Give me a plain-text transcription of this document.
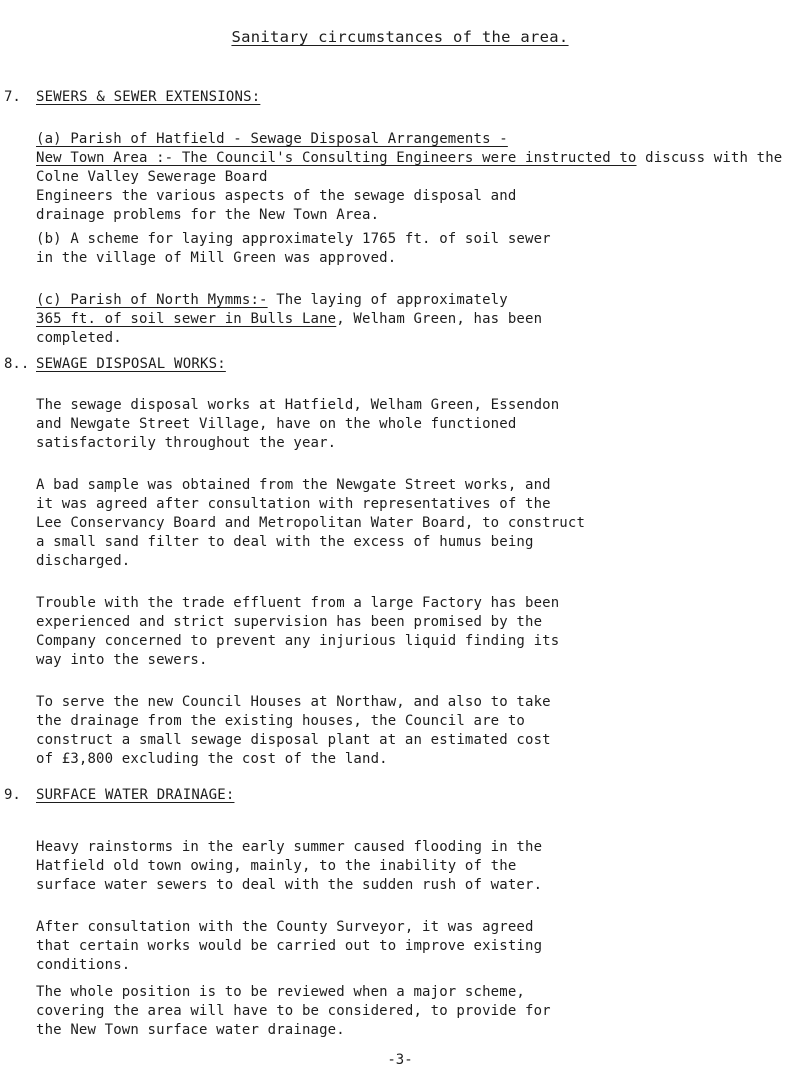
Sanitary circumstances of the area.
7. SEWERS & SEWER EXTENSIONS:
(a) Parish of Hatfield - Sewage Disposal Arrangements -
New Town Area :- The Council's Consulting Engineers were instructed to discuss with the Colne Valley Sewerage Board
Engineers the various aspects of the sewage disposal and
drainage problems for the New Town Area.
(b) A scheme for laying approximately 1765 ft. of soil sewer
in the village of Mill Green was approved.
(c) Parish of North Mymms:- The laying of approximately
365 ft. of soil sewer in Bulls Lane, Welham Green, has been
completed.
8.. SEWAGE DISPOSAL WORKS:
The sewage disposal works at Hatfield, Welham Green, Essendon
and Newgate Street Village, have on the whole functioned
satisfactorily throughout the year.
A bad sample was obtained from the Newgate Street works, and
it was agreed after consultation with representatives of the
Lee Conservancy Board and Metropolitan Water Board, to construct
a small sand filter to deal with the excess of humus being
discharged.
Trouble with the trade effluent from a large Factory has been
experienced and strict supervision has been promised by the
Company concerned to prevent any injurious liquid finding its
way into the sewers.
To serve the new Council Houses at Northaw, and also to take
the drainage from the existing houses, the Council are to
construct a small sewage disposal plant at an estimated cost
of £3,800 excluding the cost of the land.
9. SURFACE WATER DRAINAGE:
Heavy rainstorms in the early summer caused flooding in the
Hatfield old town owing, mainly, to the inability of the
surface water sewers to deal with the sudden rush of water.
After consultation with the County Surveyor, it was agreed
that certain works would be carried out to improve existing
conditions.
The whole position is to be reviewed when a major scheme,
covering the area will have to be considered, to provide for
the New Town surface water drainage.
-3-
